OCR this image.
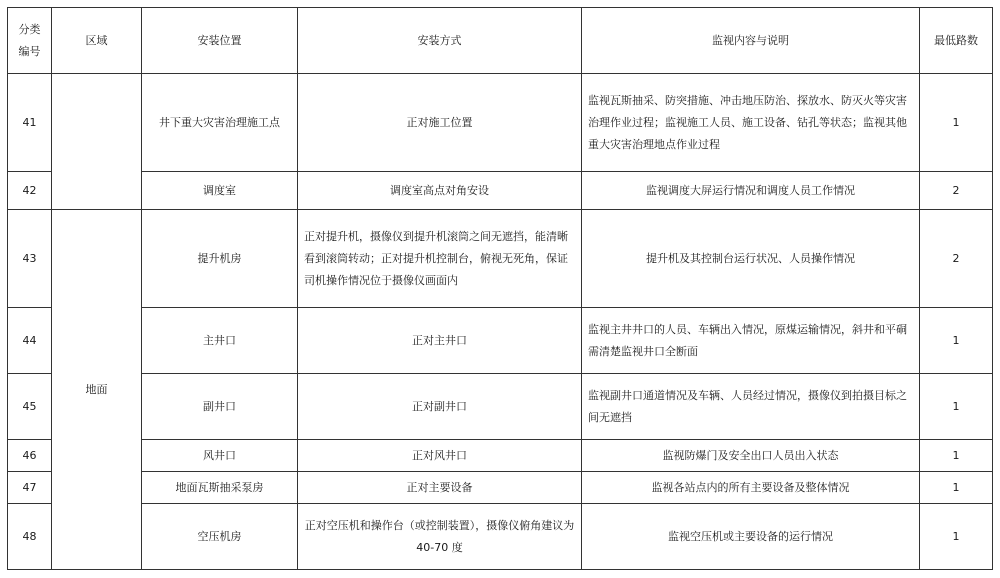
分类
编号	区域	安装位置	安装方式	监视内容与说明	最低路数
41		井下重大灾害治理施工点	正对施工位置	监视瓦斯抽采、防突措施、冲击地压防治、探放水、防灭火等灾害治理作业过程；监视施工人员、施工设备、钻孔等状态；监视其他重大灾害治理地点作业过程	1
42		调度室	调度室高点对角安设	监视调度大屏运行情况和调度人员工作情况	2
43	地面	提升机房	正对提升机，摄像仪到提升机滚筒之间无遮挡，能清晰看到滚筒转动；正对提升机控制台，俯视无死角，保证司机操作情况位于摄像仪画面内	提升机及其控制台运行状况、人员操作情况	2
44		主井口	正对主井口	监视主井井口的人员、车辆出入情况，原煤运输情况，斜井和平硐需清楚监视井口全断面	1
45		副井口	正对副井口	监视副井口通道情况及车辆、人员经过情况，摄像仪到拍摄目标之间无遮挡	1
46		风井口	正对风井口	监视防爆门及安全出口人员出入状态	1
47		地面瓦斯抽采泵房	正对主要设备	监视各站点内的所有主要设备及整体情况	1
48		空压机房	正对空压机和操作台（或控制装置），摄像仪俯角建议为40-70 度	监视空压机或主要设备的运行情况	1
